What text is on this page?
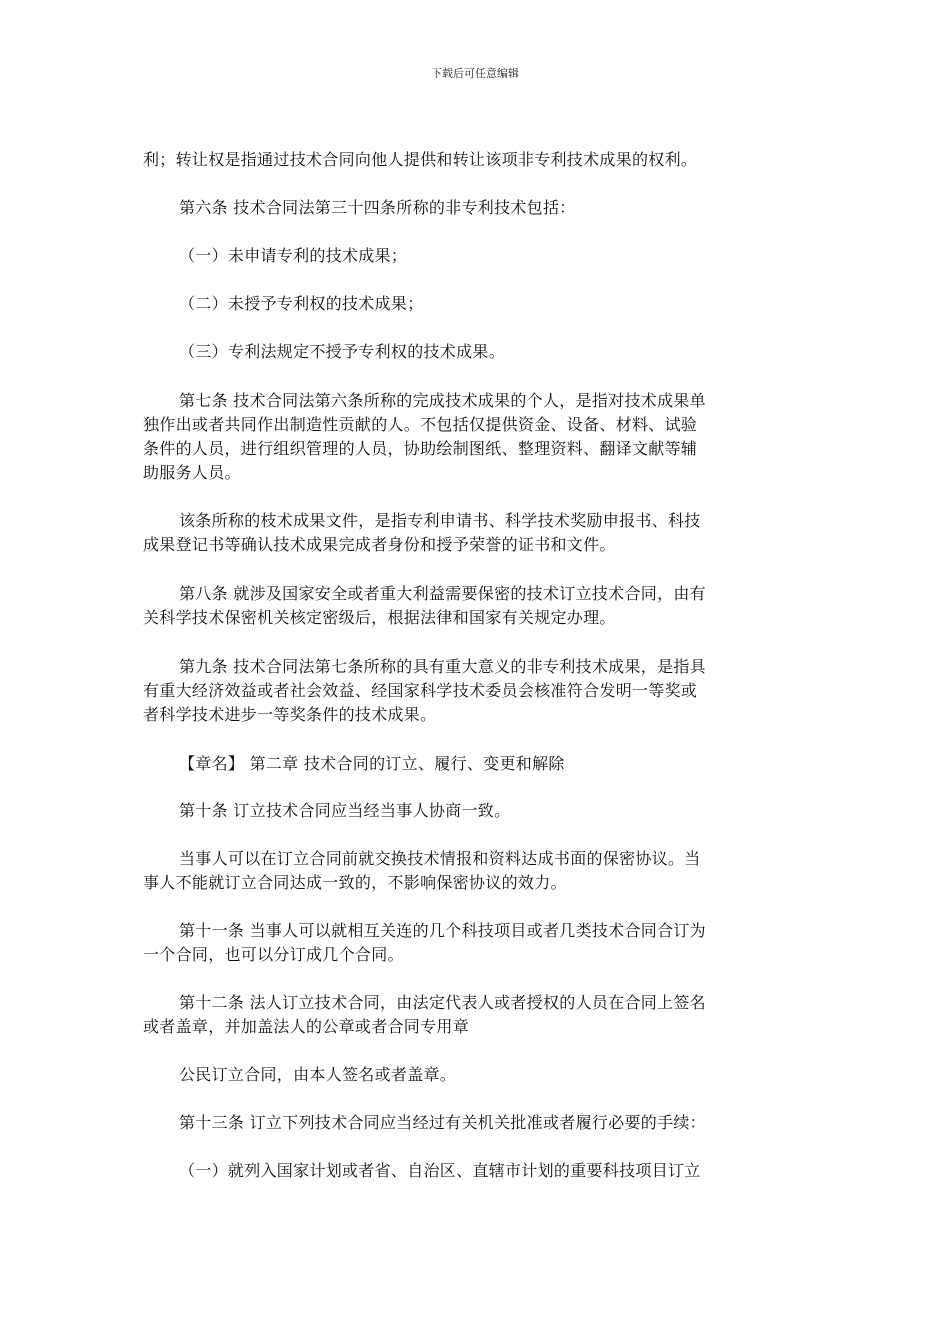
下载后可任意编辑

利；转让权是指通过技术合同向他人提供和转让该项非专利技术成果的权利。

第六条 技术合同法第三十四条所称的非专利技术包括：

（一）未申请专利的技术成果；

（二）未授予专利权的技术成果；

（三）专利法规定不授予专利权的技术成果。

第七条 技术合同法第六条所称的完成技术成果的个人，是指对技术成果单
独作出或者共同作出制造性贡献的人。不包括仅提供资金、设备、材料、试验
条件的人员，进行组织管理的人员，协助绘制图纸、整理资料、翻译文献等辅
助服务人员。

该条所称的枝术成果文件，是指专利申请书、科学技术奖励申报书、科技
成果登记书等确认技术成果完成者身份和授予荣誉的证书和文件。

第八条 就涉及国家安全或者重大利益需要保密的技术订立技术合同，由有
关科学技术保密机关核定密级后，根据法律和国家有关规定办理。

第九条 技术合同法第七条所称的具有重大意义的非专利技术成果，是指具
有重大经济效益或者社会效益、经国家科学技术委员会核准符合发明一等奖或
者科学技术进步一等奖条件的技术成果。

【章名】 第二章 技术合同的订立、履行、变更和解除

第十条 订立技术合同应当经当事人协商一致。

当事人可以在订立合同前就交换技术情报和资料达成书面的保密协议。当
事人不能就订立合同达成一致的，不影响保密协议的效力。

第十一条 当事人可以就相互关连的几个科技项目或者几类技术合同合订为
一个合同，也可以分订成几个合同。

第十二条 法人订立技术合同，由法定代表人或者授权的人员在合同上签名
或者盖章，并加盖法人的公章或者合同专用章

公民订立合同，由本人签名或者盖章。

第十三条 订立下列技术合同应当经过有关机关批准或者履行必要的手续：

（一）就列入国家计划或者省、自治区、直辖市计划的重要科技项目订立
